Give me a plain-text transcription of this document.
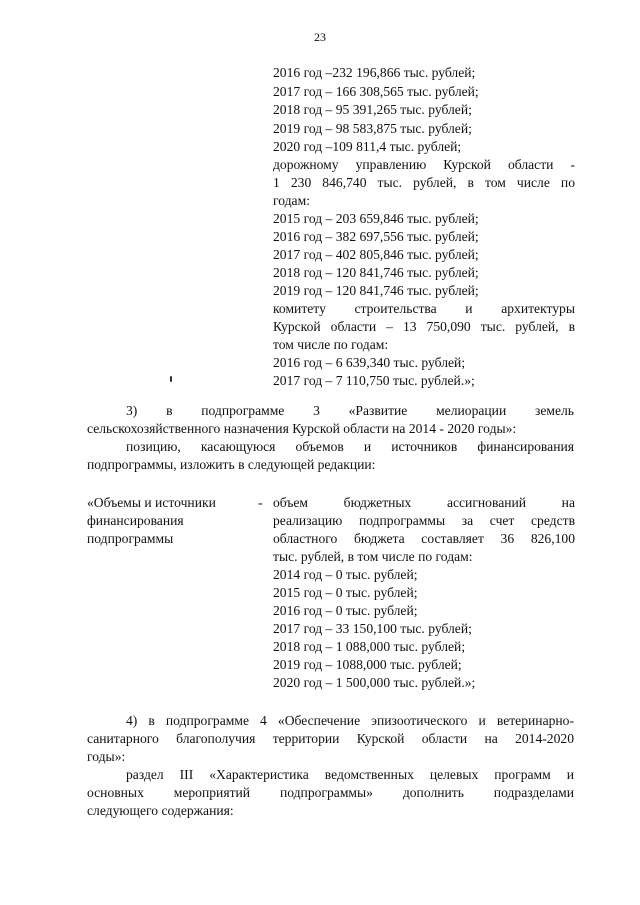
23
2016 год –232 196,866 тыс. рублей;
2017 год – 166 308,565 тыс. рублей;
2018 год – 95 391,265 тыс. рублей;
2019 год – 98 583,875 тыс. рублей;
2020 год –109 811,4 тыс. рублей;
дорожному управлению Курской области -
1 230 846,740 тыс. рублей, в том числе по
годам:
2015 год – 203 659,846 тыс. рублей;
2016 год – 382 697,556 тыс. рублей;
2017 год – 402 805,846 тыс. рублей;
2018 год – 120 841,746 тыс. рублей;
2019 год – 120 841,746 тыс. рублей;
комитету строительства и архитектуры
Курской области – 13 750,090 тыс. рублей, в
том числе по годам:
2016 год – 6 639,340 тыс. рублей;
2017 год – 7 110,750 тыс. рублей.»;
3) в подпрограмме 3 «Развитие мелиорации земель
сельскохозяйственного назначения Курской области на 2014 - 2020 годы»:
позицию, касающуюся объемов и источников финансирования
подпрограммы, изложить в следующей редакции:
«Объемы и источники
финансирования
подпрограммы
- объем бюджетных ассигнований на
реализацию подпрограммы за счет средств
областного бюджета составляет 36 826,100
тыс. рублей, в том числе по годам:
2014 год – 0 тыс. рублей;
2015 год – 0 тыс. рублей;
2016 год – 0 тыс. рублей;
2017 год – 33 150,100 тыс. рублей;
2018 год – 1 088,000 тыс. рублей;
2019 год – 1088,000 тыс. рублей;
2020 год – 1 500,000 тыс. рублей.»;
4) в подпрограмме 4 «Обеспечение эпизоотического и ветеринарно-
санитарного благополучия территории Курской области на 2014-2020
годы»:
раздел III «Характеристика ведомственных целевых программ и
основных мероприятий подпрограммы» дополнить подразделами
следующего содержания:
